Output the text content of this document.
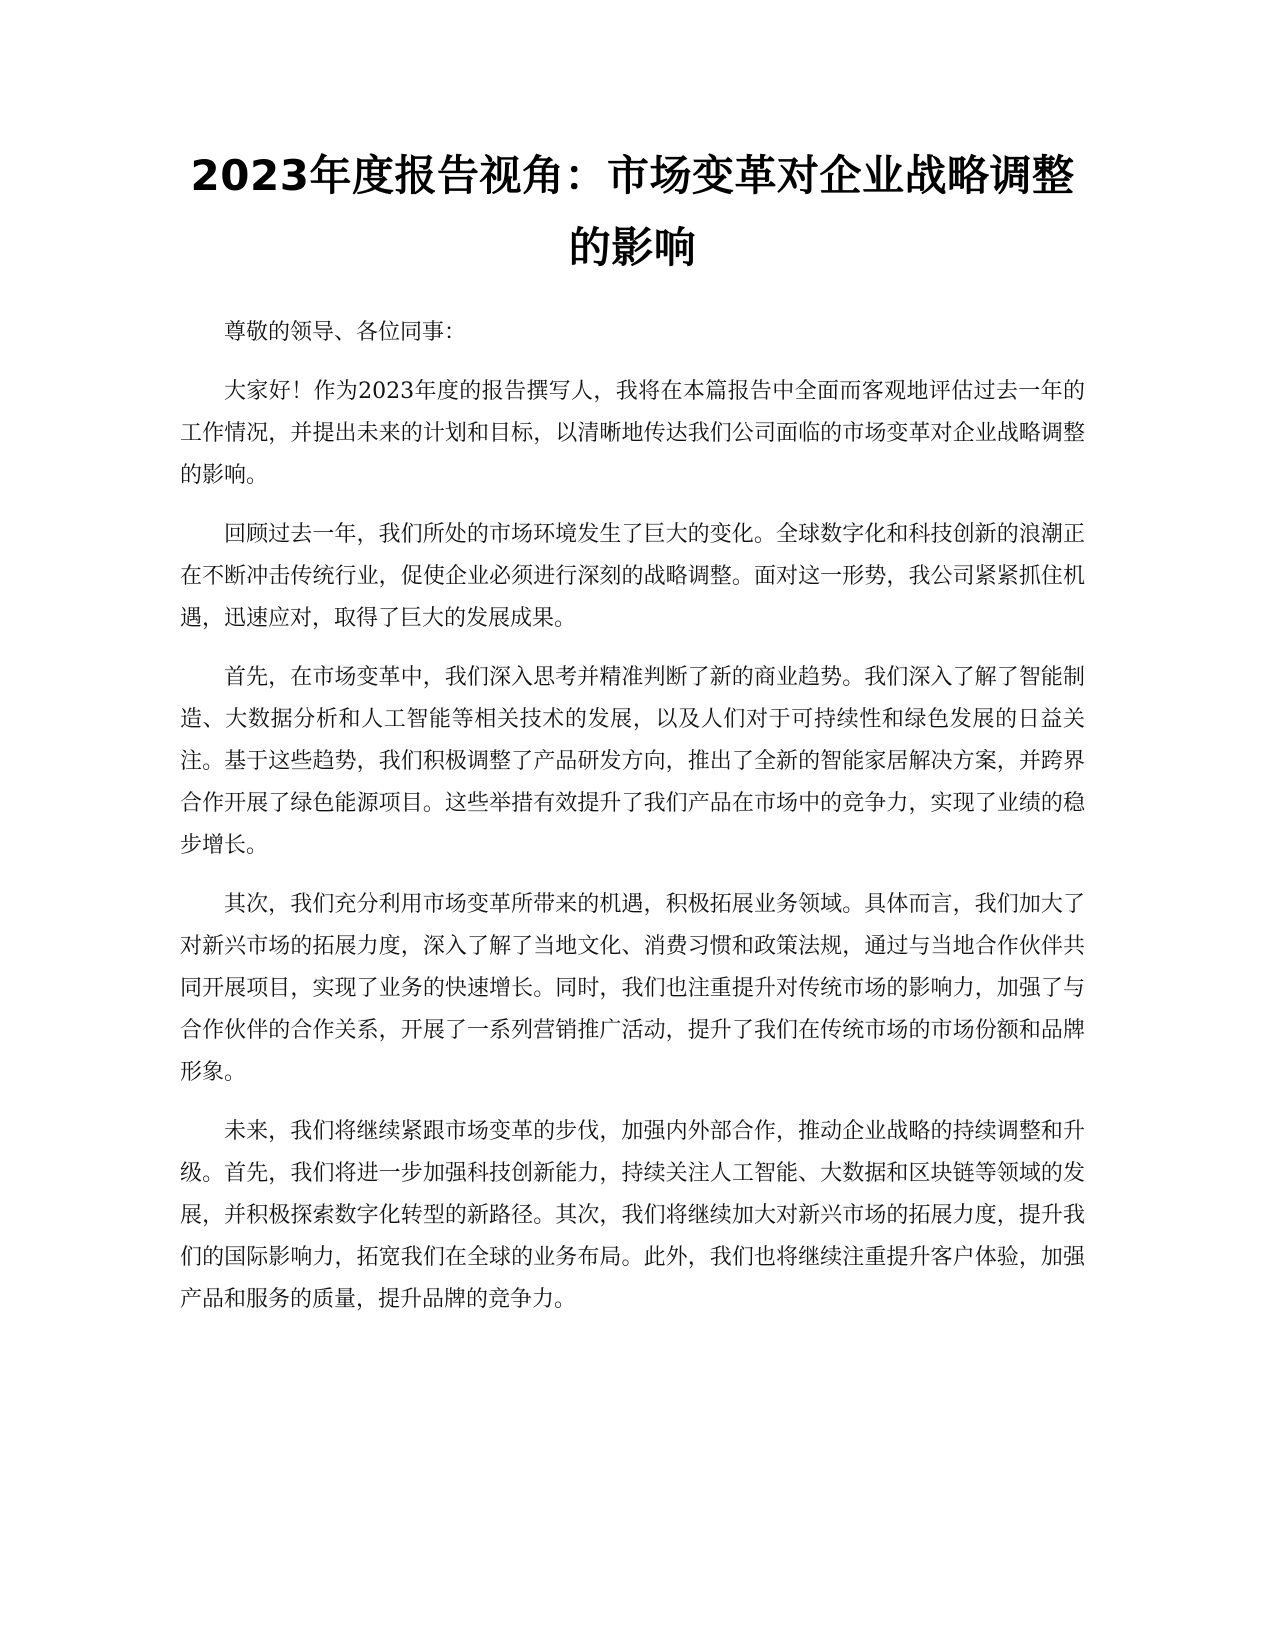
2023年度报告视角：市场变革对企业战略调整的影响

尊敬的领导、各位同事：

大家好！作为2023年度的报告撰写人，我将在本篇报告中全面而客观地评估过去一年的工作情况，并提出未来的计划和目标，以清晰地传达我们公司面临的市场变革对企业战略调整的影响。

回顾过去一年，我们所处的市场环境发生了巨大的变化。全球数字化和科技创新的浪潮正在不断冲击传统行业，促使企业必须进行深刻的战略调整。面对这一形势，我公司紧紧抓住机遇，迅速应对，取得了巨大的发展成果。

首先，在市场变革中，我们深入思考并精准判断了新的商业趋势。我们深入了解了智能制造、大数据分析和人工智能等相关技术的发展，以及人们对于可持续性和绿色发展的日益关注。基于这些趋势，我们积极调整了产品研发方向，推出了全新的智能家居解决方案，并跨界合作开展了绿色能源项目。这些举措有效提升了我们产品在市场中的竞争力，实现了业绩的稳步增长。

其次，我们充分利用市场变革所带来的机遇，积极拓展业务领域。具体而言，我们加大了对新兴市场的拓展力度，深入了解了当地文化、消费习惯和政策法规，通过与当地合作伙伴共同开展项目，实现了业务的快速增长。同时，我们也注重提升对传统市场的影响力，加强了与合作伙伴的合作关系，开展了一系列营销推广活动，提升了我们在传统市场的市场份额和品牌形象。

未来，我们将继续紧跟市场变革的步伐，加强内外部合作，推动企业战略的持续调整和升级。首先，我们将进一步加强科技创新能力，持续关注人工智能、大数据和区块链等领域的发展，并积极探索数字化转型的新路径。其次，我们将继续加大对新兴市场的拓展力度，提升我们的国际影响力，拓宽我们在全球的业务布局。此外，我们也将继续注重提升客户体验，加强产品和服务的质量，提升品牌的竞争力。
